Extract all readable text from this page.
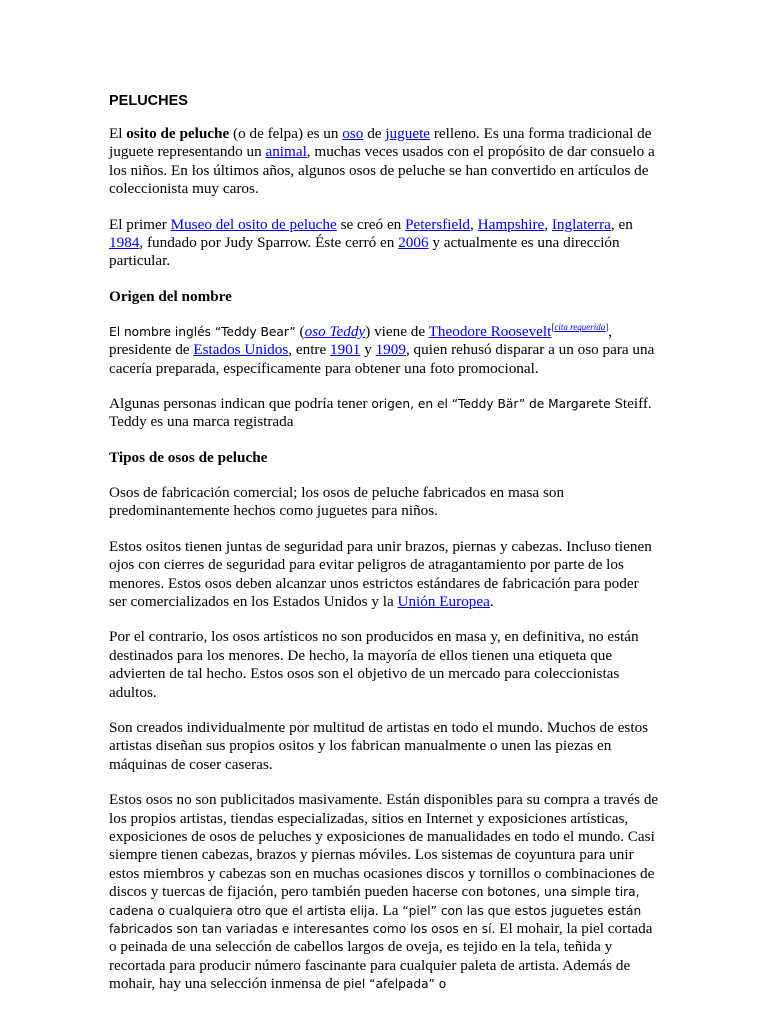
PELUCHES

El osito de peluche (o de felpa) es un oso de juguete relleno. Es una forma tradicional de juguete representando un animal, muchas veces usados con el propósito de dar consuelo a los niños. En los últimos años, algunos osos de peluche se han convertido en artículos de coleccionista muy caros.

El primer Museo del osito de peluche se creó en Petersfield, Hampshire, Inglaterra, en 1984, fundado por Judy Sparrow. Éste cerró en 2006 y actualmente es una dirección particular.

Origen del nombre

El nombre inglés “Teddy Bear” (oso Teddy) viene de Theodore Roosevelt[cita requerida], presidente de Estados Unidos, entre 1901 y 1909, quien rehusó disparar a un oso para una cacería preparada, específicamente para obtener una foto promocional.

Algunas personas indican que podría tener origen, en el “Teddy Bär” de Margarete Steiff. Teddy es una marca registrada

Tipos de osos de peluche

Osos de fabricación comercial; los osos de peluche fabricados en masa son predominantemente hechos como juguetes para niños.

Estos ositos tienen juntas de seguridad para unir brazos, piernas y cabezas. Incluso tienen ojos con cierres de seguridad para evitar peligros de atragantamiento por parte de los menores. Estos osos deben alcanzar unos estrictos estándares de fabricación para poder ser comercializados en los Estados Unidos y la Unión Europea.

Por el contrario, los osos artísticos no son producidos en masa y, en definitiva, no están destinados para los menores. De hecho, la mayoría de ellos tienen una etiqueta que advierten de tal hecho. Estos osos son el objetivo de un mercado para coleccionistas adultos.

Son creados individualmente por multitud de artistas en todo el mundo. Muchos de estos artistas diseñan sus propios ositos y los fabrican manualmente o unen las piezas en máquinas de coser caseras.

Estos osos no son publicitados masivamente. Están disponibles para su compra a través de los propios artistas, tiendas especializadas, sitios en Internet y exposiciones artísticas, exposiciones de osos de peluches y exposiciones de manualidades en todo el mundo. Casi siempre tienen cabezas, brazos y piernas móviles. Los sistemas de coyuntura para unir estos miembros y cabezas son en muchas ocasiones discos y tornillos o combinaciones de discos y tuercas de fijación, pero también pueden hacerse con botones, una simple tira, cadena o cualquiera otro que el artista elija. La “piel” con las que estos juguetes están fabricados son tan variadas e interesantes como los osos en sí. El mohair, la piel cortada o peinada de una selección de cabellos largos de oveja, es tejido en la tela, teñida y recortada para producir número fascinante para cualquier paleta de artista. Además de mohair, hay una selección inmensa de piel “afelpada” o
